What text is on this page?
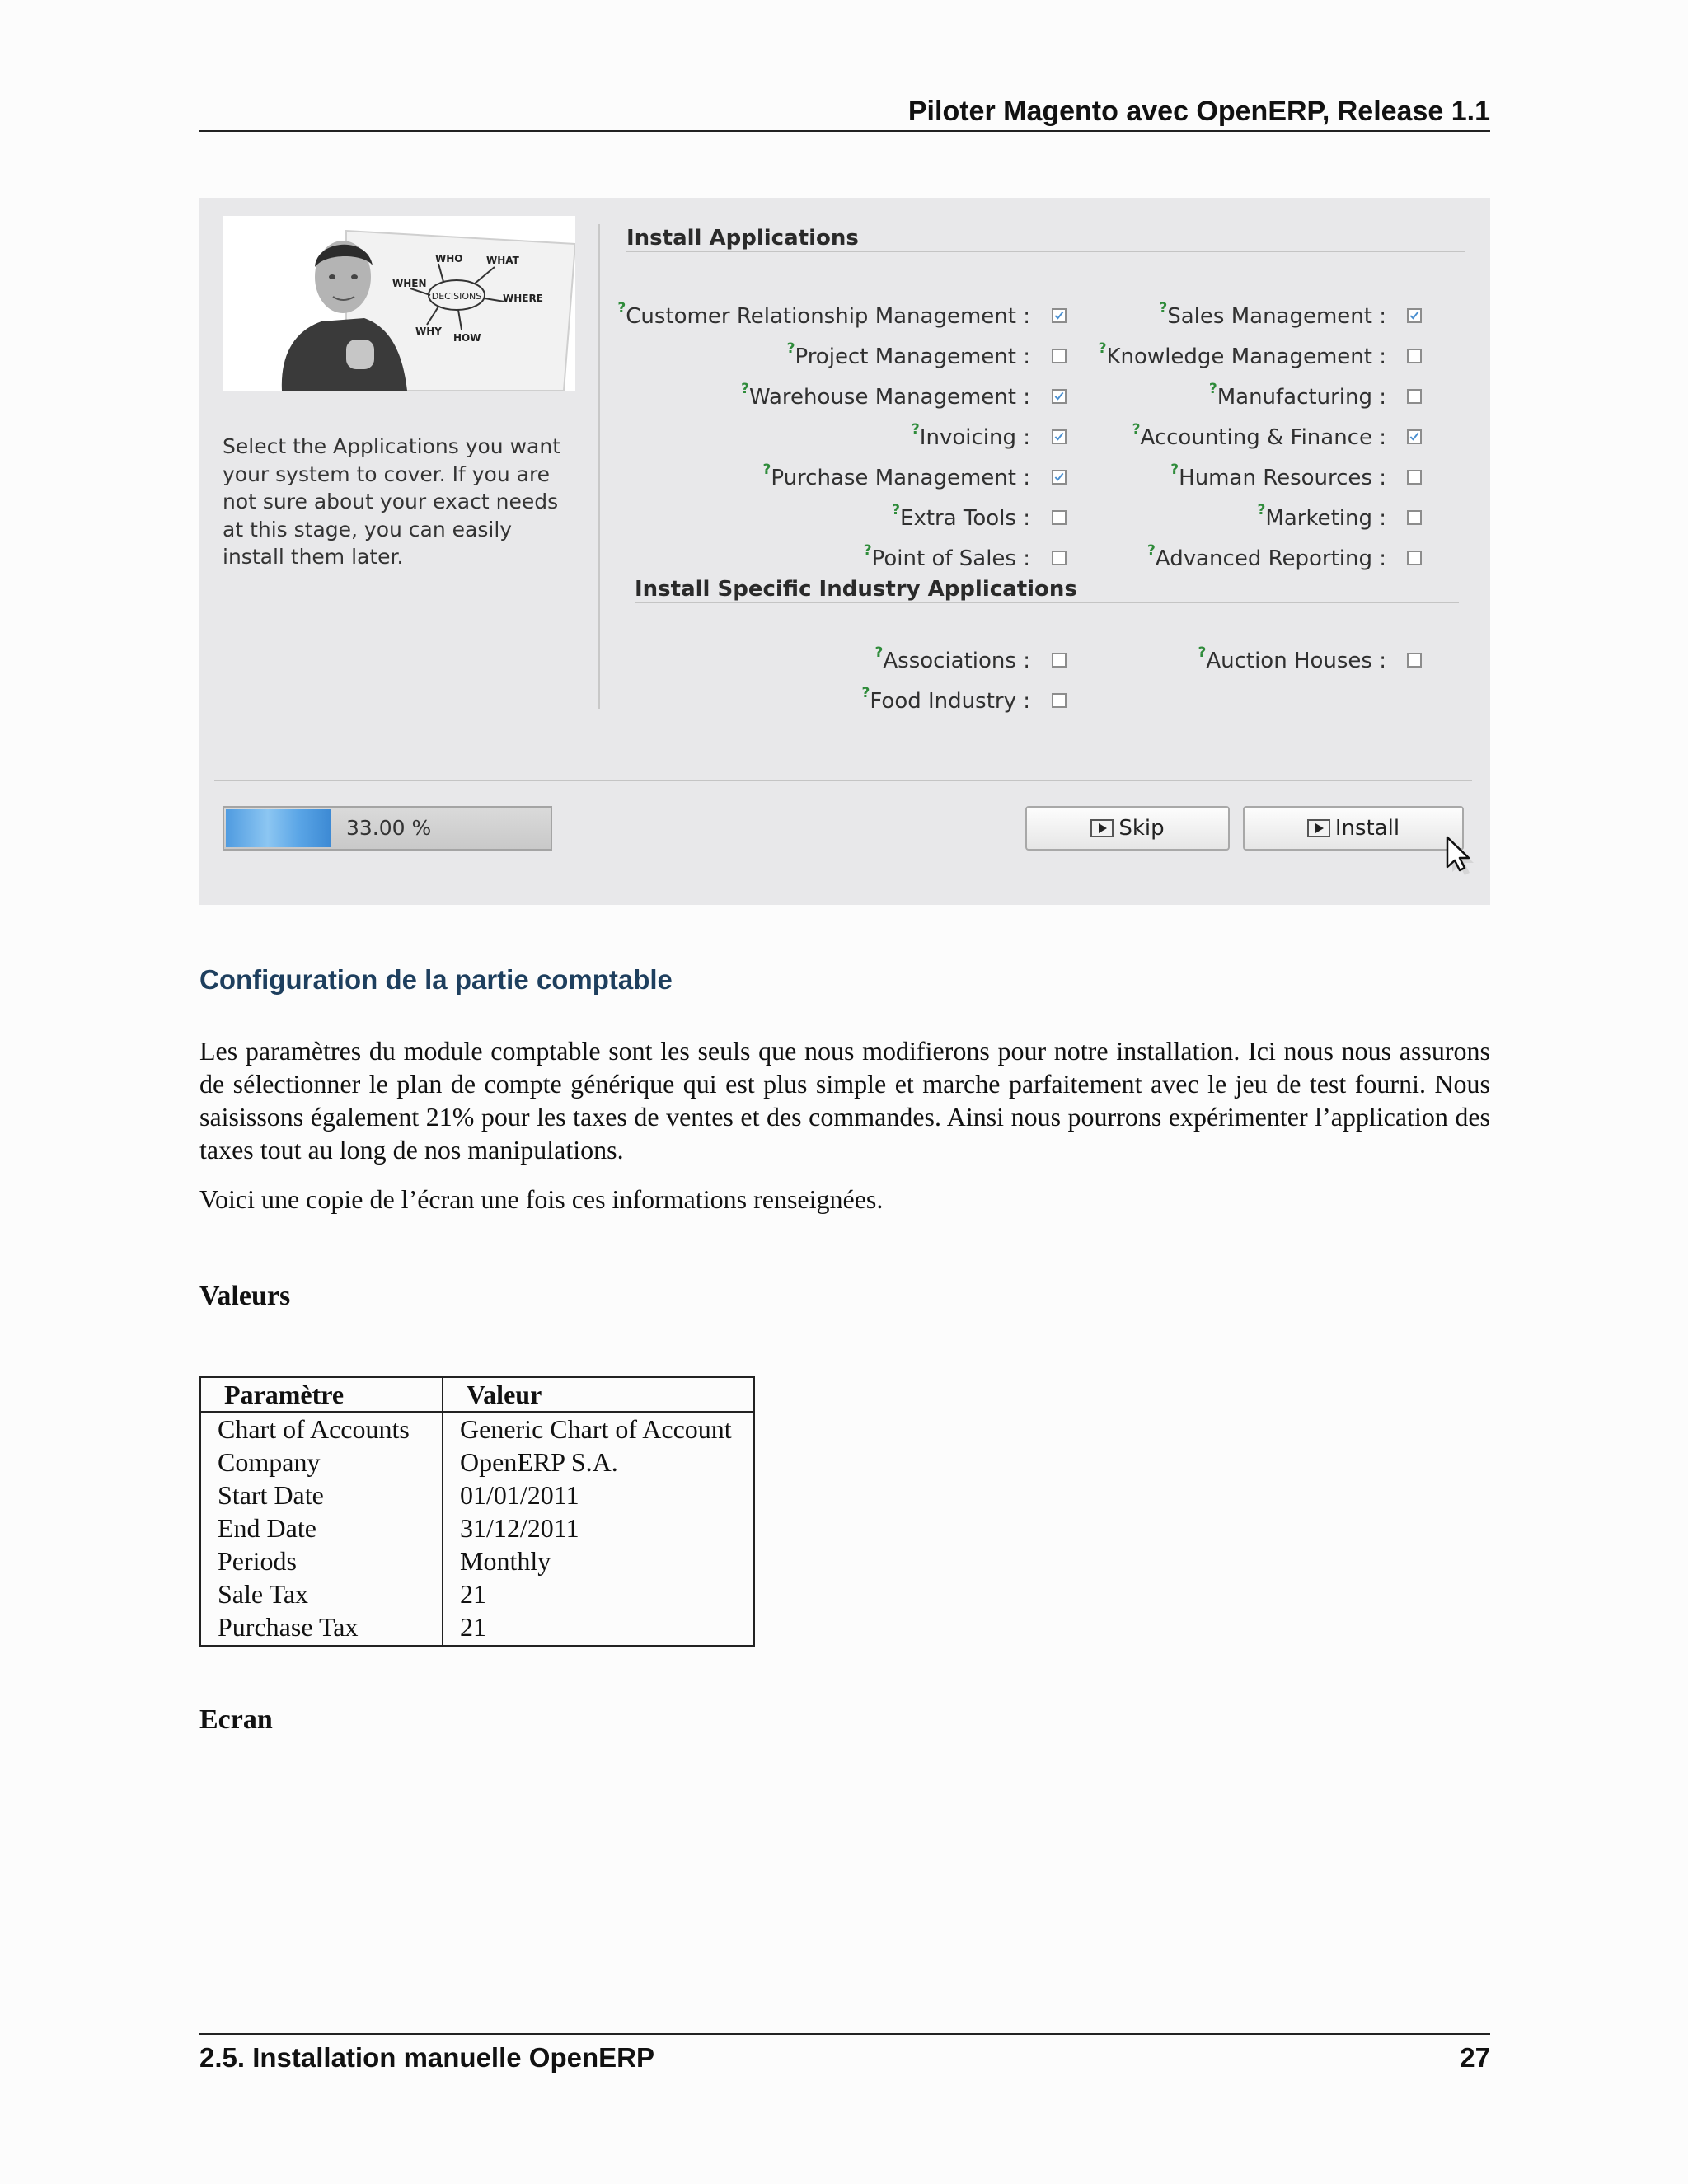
Piloter Magento avec OpenERP, Release 1.1
DECISIONS
WHO WHAT
WHEN
WHERE
WHY
HOW
Select the Applications you want your system to cover. If you are not sure about your exact needs at this stage, you can easily install them later.
Install Applications
? Customer Relationship Management :	? Sales Management :
? Project Management :	? Knowledge Management :
? Warehouse Management :	? Manufacturing :
? Invoicing :	? Accounting & Finance :
? Purchase Management :	? Human Resources :
? Extra Tools :	? Marketing :
? Point of Sales :	? Advanced Reporting :
Install Specific Industry Applications
? Associations :	? Auction Houses :
? Food Industry :
33.00 %	Skip	Install
Configuration de la partie comptable

Les paramètres du module comptable sont les seuls que nous modifierons pour notre installation. Ici nous nous assurons de sélectionner le plan de compte générique qui est plus simple et marche parfaitement avec le jeu de test fourni. Nous saisissons également 21% pour les taxes de ventes et des commandes. Ainsi nous pourrons expérimenter l’application des taxes tout au long de nos manipulations.

Voici une copie de l’écran une fois ces informations renseignées.

Valeurs
Paramètre	Valeur
Chart of Accounts	Generic Chart of Account
Company	OpenERP S.A.
Start Date	01/01/2011
End Date	31/12/2011
Periods	Monthly
Sale Tax	21
Purchase Tax	21
Ecran
2.5. Installation manuelle OpenERP	27
